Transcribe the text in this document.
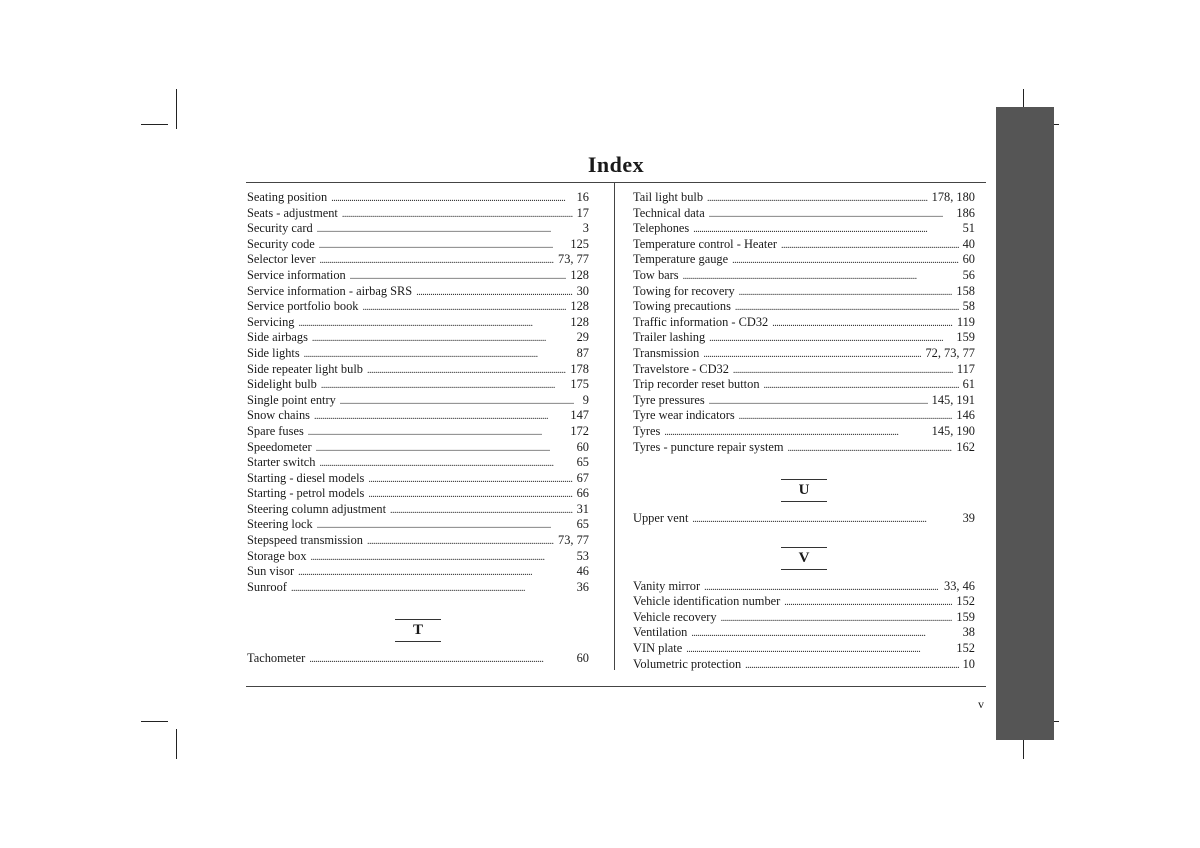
Index
Seating position . . .	16
Seats - adjustment . . .	17
Security card . . .	3
Security code . . .	125
Selector lever . . .	73, 77
Service information . . .	128
Service information - airbag SRS . . .	30
Service portfolio book . . .	128
Servicing . . .	128
Side airbags . . .	29
Side lights . . .	87
Side repeater light bulb . . .	178
Sidelight bulb . . .	175
Single point entry . . .	9
Snow chains . . .	147
Spare fuses . . .	172
Speedometer . . .	60
Starter switch . . .	65
Starting - diesel models . . .	67
Starting - petrol models . . .	66
Steering column adjustment . . .	31
Steering lock . . .	65
Stepspeed transmission . . .	73, 77
Storage box . . .	53
Sun visor . . .	46
Sunroof . . .	36
T
Tachometer . . .	60
Tail light bulb . . .	178, 180
Technical data . . .	186
Telephones . . .	51
Temperature control - Heater . . .	40
Temperature gauge . . .	60
Tow bars . . .	56
Towing for recovery . . .	158
Towing precautions . . .	58
Traffic information - CD32 . . .	119
Trailer lashing . . .	159
Transmission . . .	72, 73, 77
Travelstore - CD32 . . .	117
Trip recorder reset button . . .	61
Tyre pressures . . .	145, 191
Tyre wear indicators . . .	146
Tyres . . .	145, 190
Tyres - puncture repair system . . .	162
U
Upper vent . . .	39
V
Vanity mirror . . .	33, 46
Vehicle identification number . . .	152
Vehicle recovery . . .	159
Ventilation . . .	38
VIN plate . . .	152
Volumetric protection . . .	10
v
